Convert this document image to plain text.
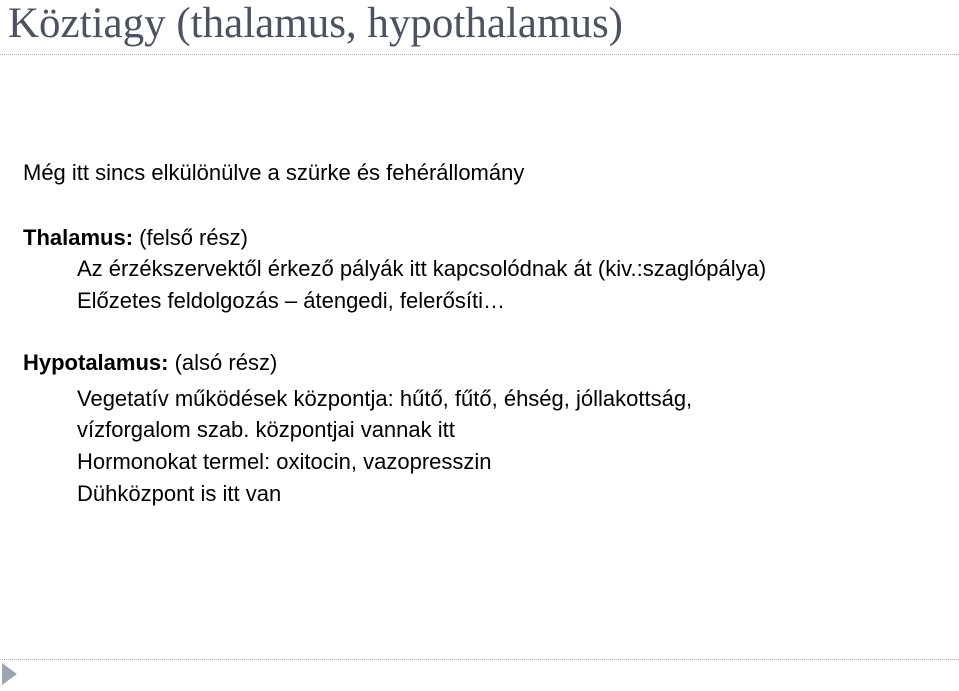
Köztiagy (thalamus, hypothalamus)
Még itt sincs elkülönülve a szürke és fehérállomány
Thalamus: (felső rész)
Az érzékszervektől érkező pályák itt kapcsolódnak át (kiv.:szaglópálya)
Előzetes feldolgozás – átengedi, felerősíti…
Hypotalamus: (alsó rész)
Vegetatív működések központja: hűtő, fűtő, éhség, jóllakottság,
vízforgalom szab. központjai vannak itt
Hormonokat termel: oxitocin, vazopresszin
Dühközpont is itt van
